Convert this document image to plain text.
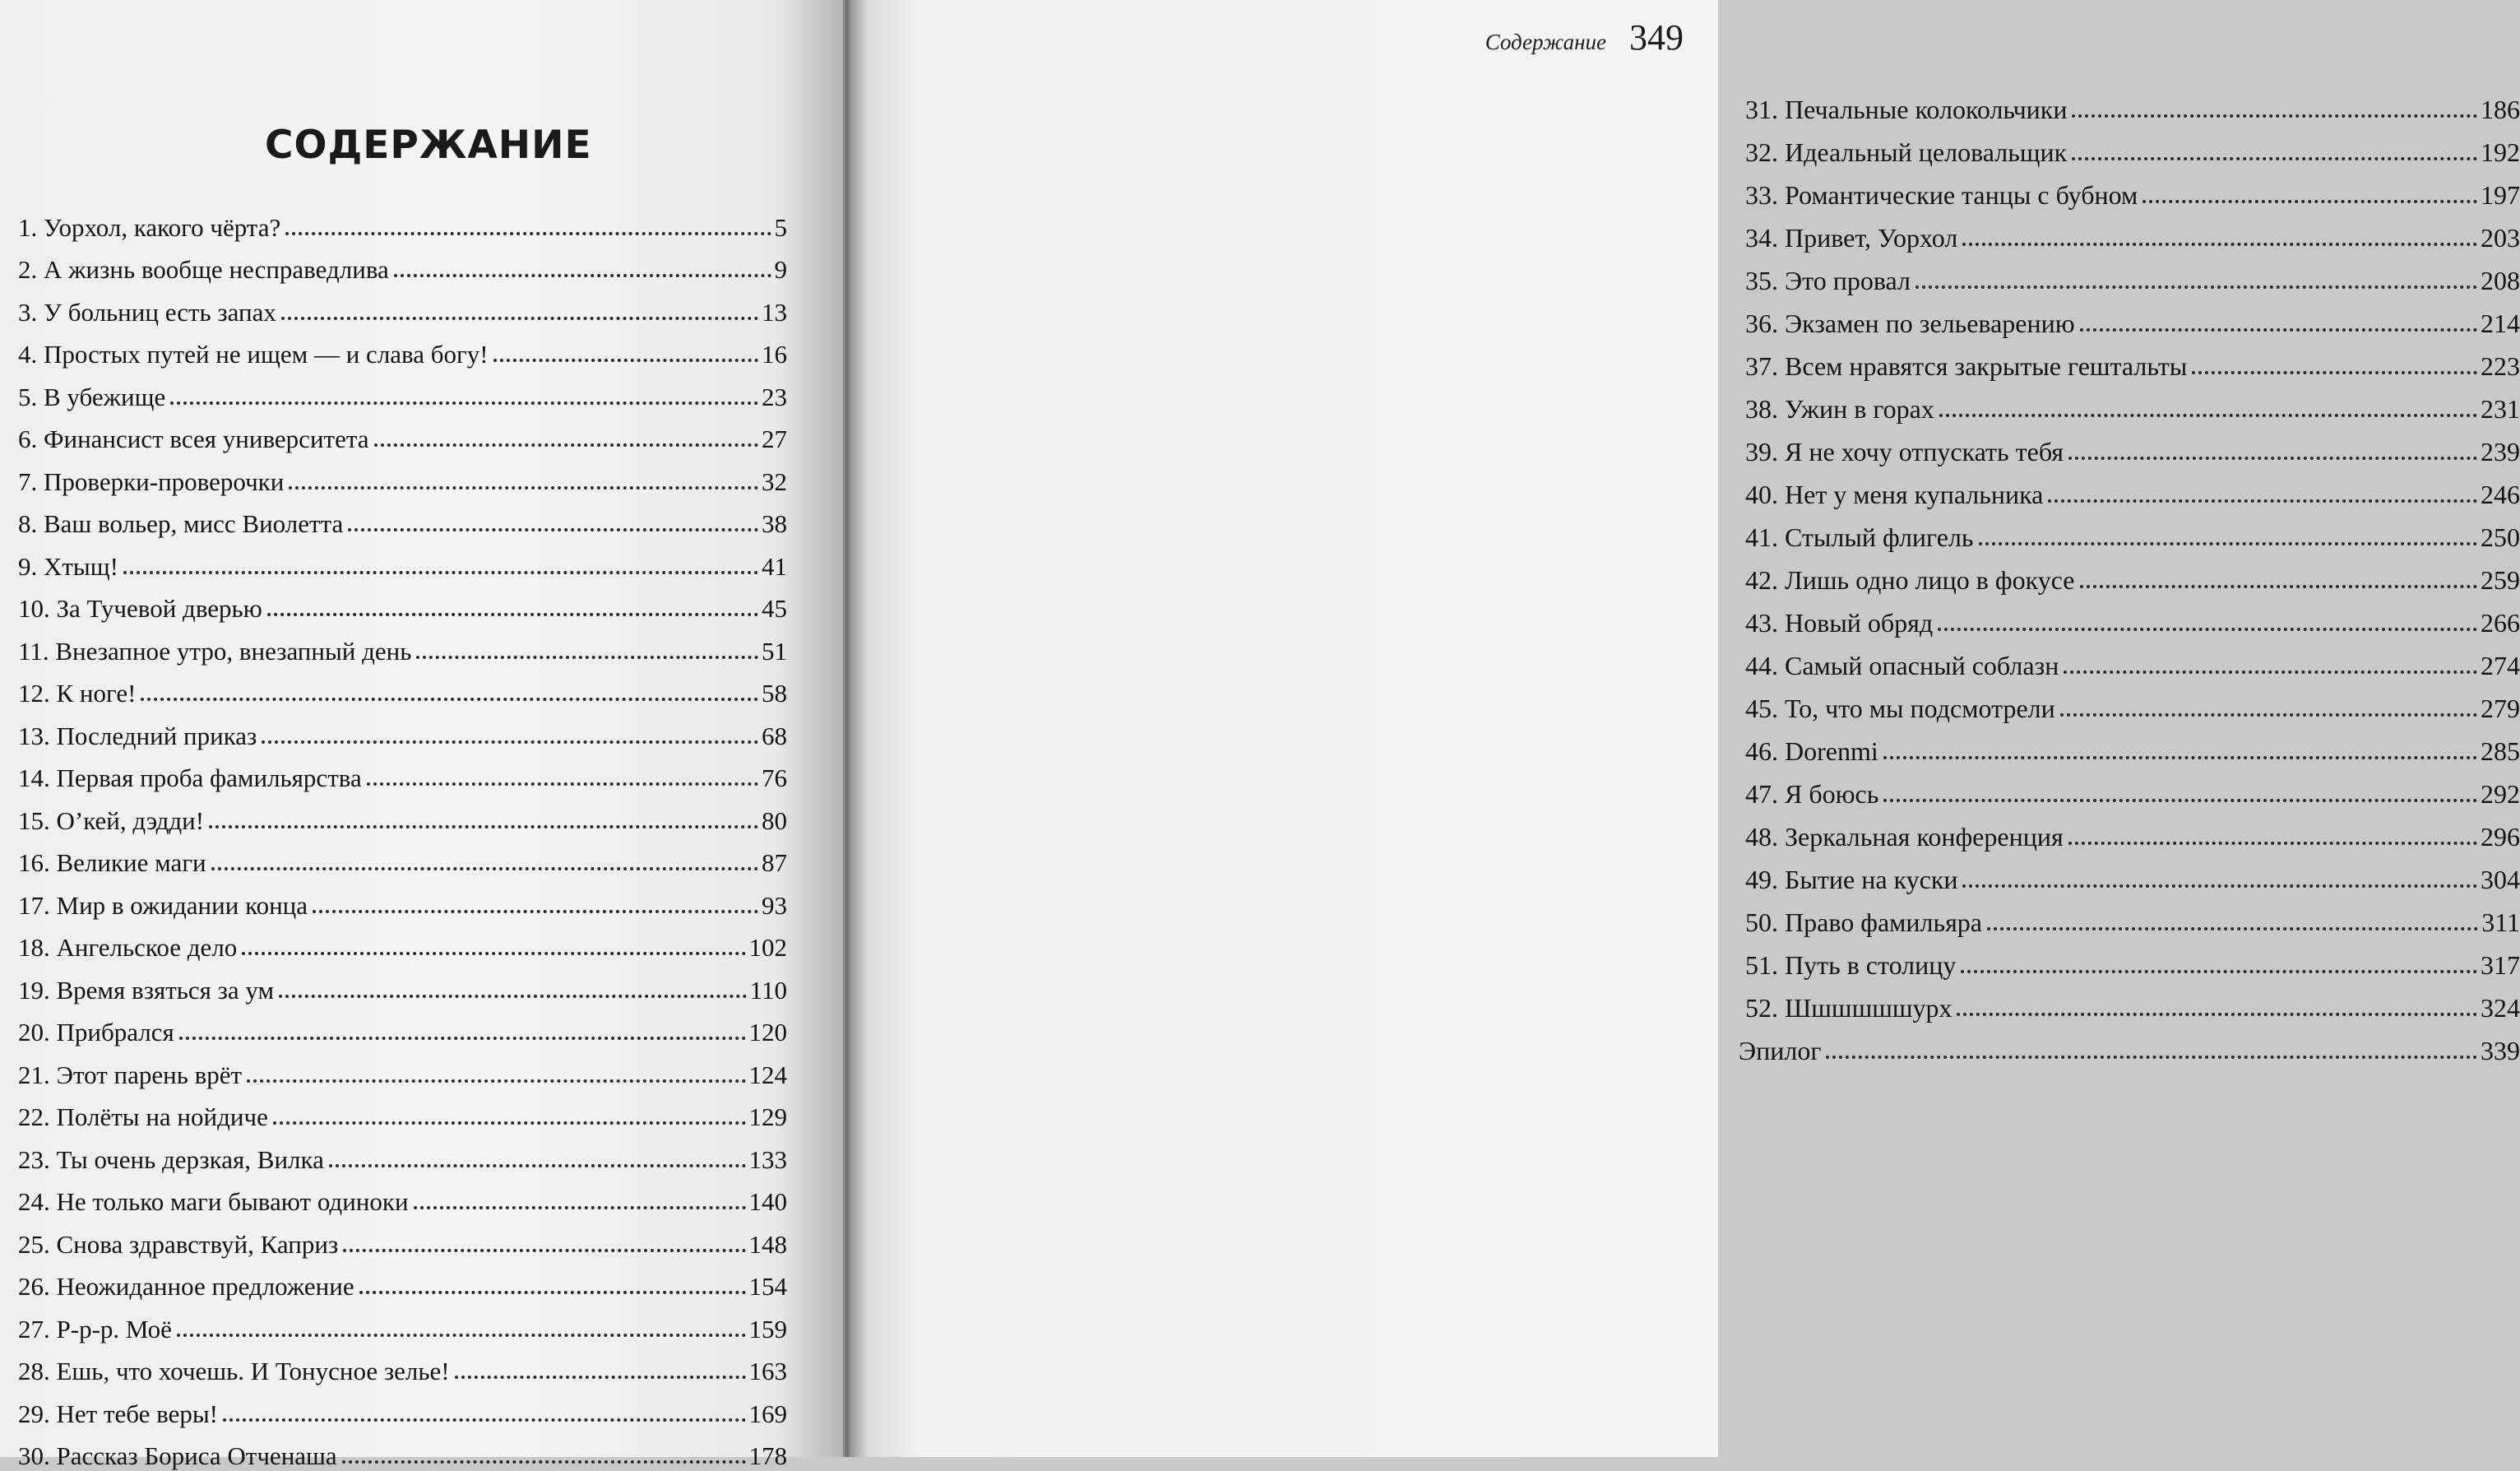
СОДЕРЖАНИЕ
1. Уорхол, какого чёрта?	5
2. А жизнь вообще несправедлива	9
3. У больниц есть запах	13
4. Простых путей не ищем — и слава богу!	16
5. В убежище	23
6. Финансист всея университета	27
7. Проверки-проверочки	32
8. Ваш вольер, мисс Виолетта	38
9. Хтыщ!	41
10. За Тучевой дверью	45
11. Внезапное утро, внезапный день	51
12. К ноге!	58
13. Последний приказ	68
14. Первая проба фамильярства	76
15. О’кей, дэдди!	80
16. Великие маги	87
17. Мир в ожидании конца	93
18. Ангельское дело	102
19. Время взяться за ум	110
20. Прибрался	120
21. Этот парень врёт	124
22. Полёты на нойдиче	129
23. Ты очень дерзкая, Вилка	133
24. Не только маги бывают одиноки	140
25. Снова здравствуй, Каприз	148
26. Неожиданное предложение	154
27. Р-р-р. Моё	159
28. Ешь, что хочешь. И Тонусное зелье!	163
29. Нет тебе веры!	169
30. Рассказ Бориса Отченаша	178
Содержание 349
31. Печальные колокольчики	186
32. Идеальный целовальщик	192
33. Романтические танцы с бубном	197
34. Привет, Уорхол	203
35. Это провал	208
36. Экзамен по зельеварению	214
37. Всем нравятся закрытые гештальты	223
38. Ужин в горах	231
39. Я не хочу отпускать тебя	239
40. Нет у меня купальника	246
41. Стылый флигель	250
42. Лишь одно лицо в фокусе	259
43. Новый обряд	266
44. Самый опасный соблазн	274
45. То, что мы подсмотрели	279
46. Dorenmi	285
47. Я боюсь	292
48. Зеркальная конференция	296
49. Бытие на куски	304
50. Право фамильяра	311
51. Путь в столицу	317
52. Шшшшшшурх	324
Эпилог	339
